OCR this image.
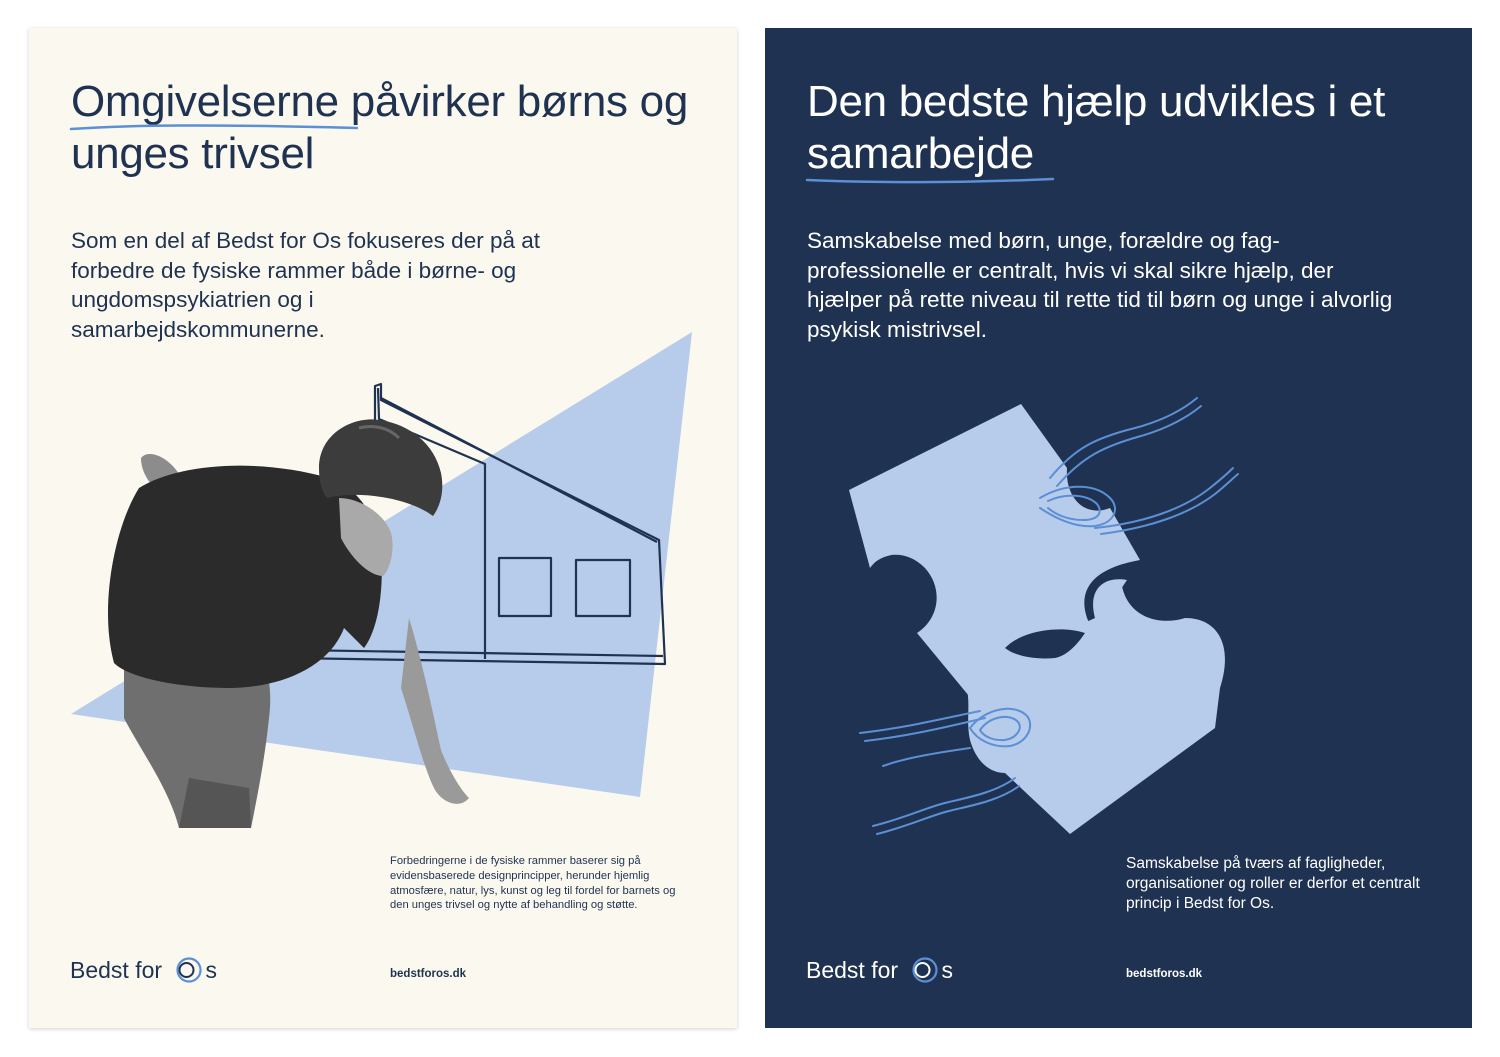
Omgivelserne
påvirker børns og unges trivsel

Som en del af Bedst for Os fokuseres der på at forbedre de fysiske rammer både i børne- og ungdomspsykiatrien og i samarbejdskommunerne.

Forbedringerne i de fysiske rammer baserer sig på evidensbaserede designprincipper, herunder hjemlig atmosfære, natur, lys, kunst og leg til fordel for barnets og den unges trivsel og nytte af behandling og støtte.

Bedst for s	bedstforos.dk
Den bedste hjælp udvikles i et samarbejde

Samskabelse med børn, unge, forældre og fag-professionelle er centralt, hvis vi skal sikre hjælp, der hjælper på rette niveau til rette tid til børn og unge i alvorlig psykisk mistrivsel.

Samskabelse på tværs af fagligheder, organisationer og roller er derfor et centralt princip i Bedst for Os.

Bedst for s	bedstforos.dk
